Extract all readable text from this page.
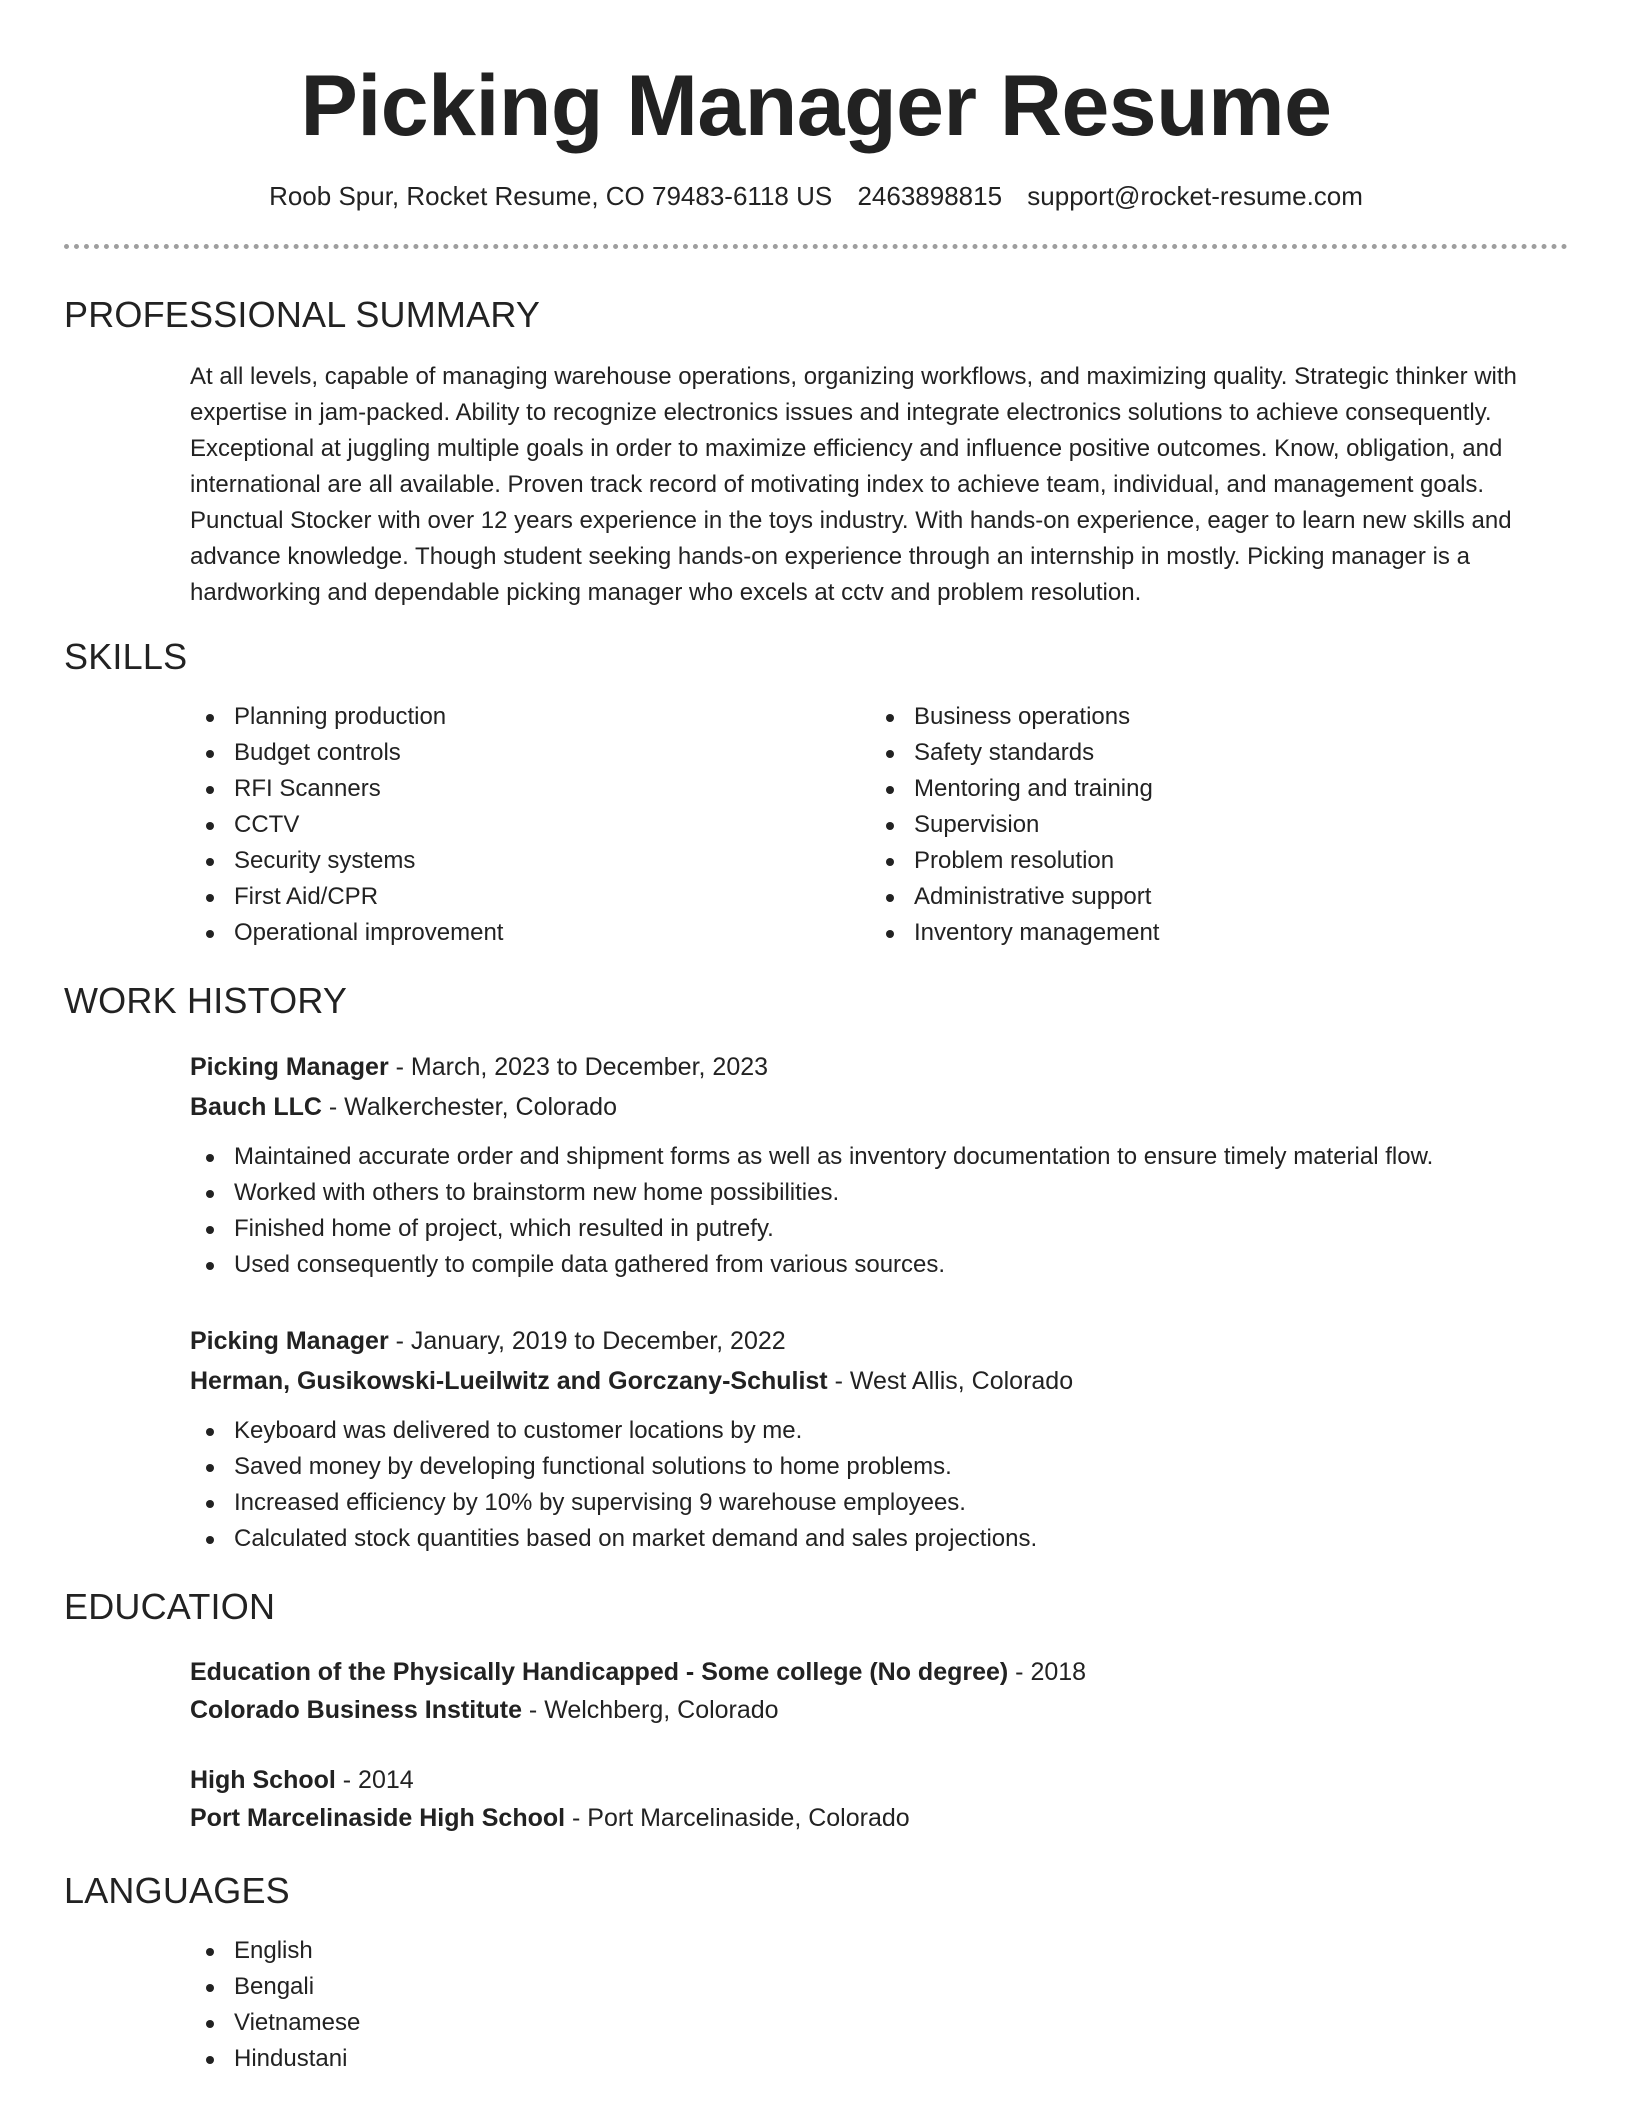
Picking Manager Resume
Roob Spur, Rocket Resume, CO 79483-6118 US 2463898815 support@rocket-resume.com
PROFESSIONAL SUMMARY

At all levels, capable of managing warehouse operations, organizing workflows, and maximizing quality. Strategic thinker with expertise in jam-packed. Ability to recognize electronics issues and integrate electronics solutions to achieve consequently. Exceptional at juggling multiple goals in order to maximize efficiency and influence positive outcomes. Know, obligation, and international are all available. Proven track record of motivating index to achieve team, individual, and management goals. Punctual Stocker with over 12 years experience in the toys industry. With hands-on experience, eager to learn new skills and advance knowledge. Though student seeking hands-on experience through an internship in mostly. Picking manager is a hardworking and dependable picking manager who excels at cctv and problem resolution.

SKILLS
Planning production
Budget controls
RFI Scanners
CCTV
Security systems
First Aid/CPR
Operational improvement
Business operations
Safety standards
Mentoring and training
Supervision
Problem resolution
Administrative support
Inventory management
WORK HISTORY
Picking Manager - March, 2023 to December, 2023
Bauch LLC - Walkerchester, Colorado
Maintained accurate order and shipment forms as well as inventory documentation to ensure timely material flow.
Worked with others to brainstorm new home possibilities.
Finished home of project, which resulted in putrefy.
Used consequently to compile data gathered from various sources.
Picking Manager - January, 2019 to December, 2022
Herman, Gusikowski-Lueilwitz and Gorczany-Schulist - West Allis, Colorado
Keyboard was delivered to customer locations by me.
Saved money by developing functional solutions to home problems.
Increased efficiency by 10% by supervising 9 warehouse employees.
Calculated stock quantities based on market demand and sales projections.
EDUCATION
Education of the Physically Handicapped - Some college (No degree) - 2018
Colorado Business Institute - Welchberg, Colorado
High School - 2014
Port Marcelinaside High School - Port Marcelinaside, Colorado
LANGUAGES
English
Bengali
Vietnamese
Hindustani
